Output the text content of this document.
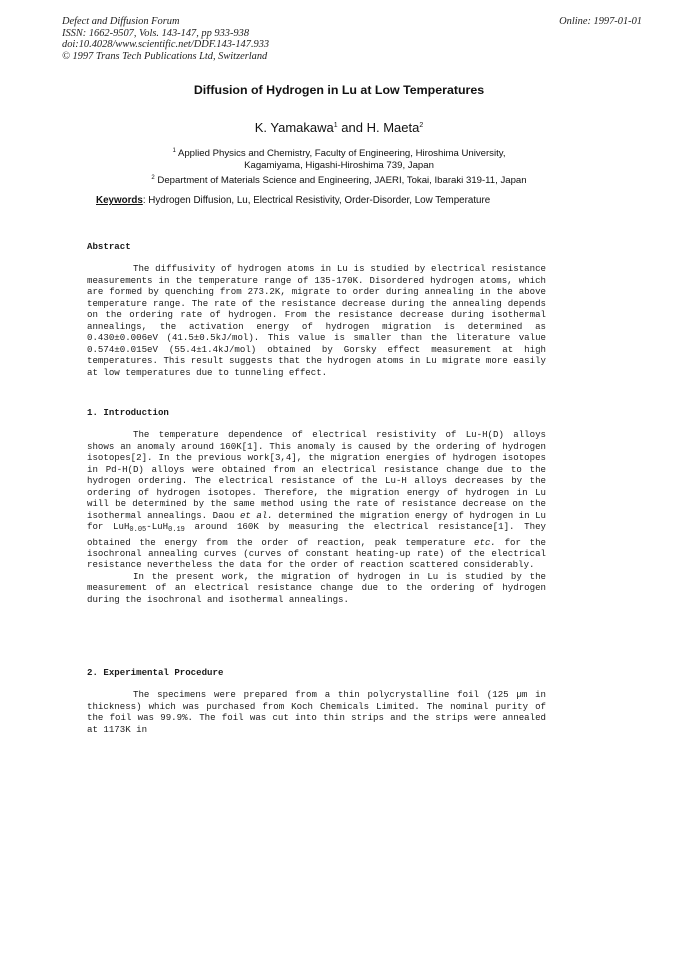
Defect and Diffusion Forum
ISSN: 1662-9507, Vols. 143-147, pp 933-938
doi:10.4028/www.scientific.net/DDF.143-147.933
© 1997 Trans Tech Publications Ltd, Switzerland
Online: 1997-01-01
Diffusion of Hydrogen in Lu at Low Temperatures
K. Yamakawa$^1$ and H. Maeta$^2$
$^1$ Applied Physics and Chemistry, Faculty of Engineering, Hiroshima University,
Kagamiyama, Higashi-Hiroshima 739, Japan
$^2$ Department of Materials Science and Engineering, JAERI, Tokai, Ibaraki 319-11, Japan
Keywords: Hydrogen Diffusion, Lu, Electrical Resistivity, Order-Disorder, Low Temperature
Abstract
The diffusivity of hydrogen atoms in Lu is studied by electrical resistance measurements in the temperature range of 135-170K. Disordered hydrogen atoms, which are formed by quenching from 273.2K, migrate to order during annealing in the above temperature range. The rate of the resistance decrease during the annealing depends on the ordering rate of hydrogen. From the resistance decrease during isothermal annealings, the activation energy of hydrogen migration is determined as 0.430±0.006eV (41.5±0.5kJ/mol). This value is smaller than the literature value 0.574±0.015eV (55.4±1.4kJ/mol) obtained by Gorsky effect measurement at high temperatures. This result suggests that the hydrogen atoms in Lu migrate more easily at low temperatures due to tunneling effect.
1. Introduction
The temperature dependence of electrical resistivity of Lu-H(D) alloys shows an anomaly around 160K[1]. This anomaly is caused by the ordering of hydrogen isotopes[2]. In the previous work[3,4], the migration energies of hydrogen isotopes in Pd-H(D) alloys were obtained from an electrical resistance change due to the hydrogen ordering. The electrical resistance of the Lu-H alloys decreases by the ordering of hydrogen isotopes. Therefore, the migration energy of hydrogen in Lu will be determined by the same method using the rate of resistance decrease on the isothermal annealings. Daou et al. determined the migration energy of hydrogen in Lu for LuH$_{0.05}$-LuH$_{0.19}$ around 160K by measuring the electrical resistance[1]. They obtained the energy from the order of reaction, peak temperature etc. for the isochronal annealing curves (curves of constant heating-up rate) of the electrical resistance nevertheless the data for the order of reaction scattered considerably.
In the present work, the migration of hydrogen in Lu is studied by the measurement of an electrical resistance change due to the ordering of hydrogen during the isochronal and isothermal annealings.
2. Experimental Procedure
The specimens were prepared from a thin polycrystalline foil (125 µm in thickness) which was purchased from Koch Chemicals Limited. The nominal purity of the foil was 99.9%. The foil was cut into thin strips and the strips were annealed at 1173K in
